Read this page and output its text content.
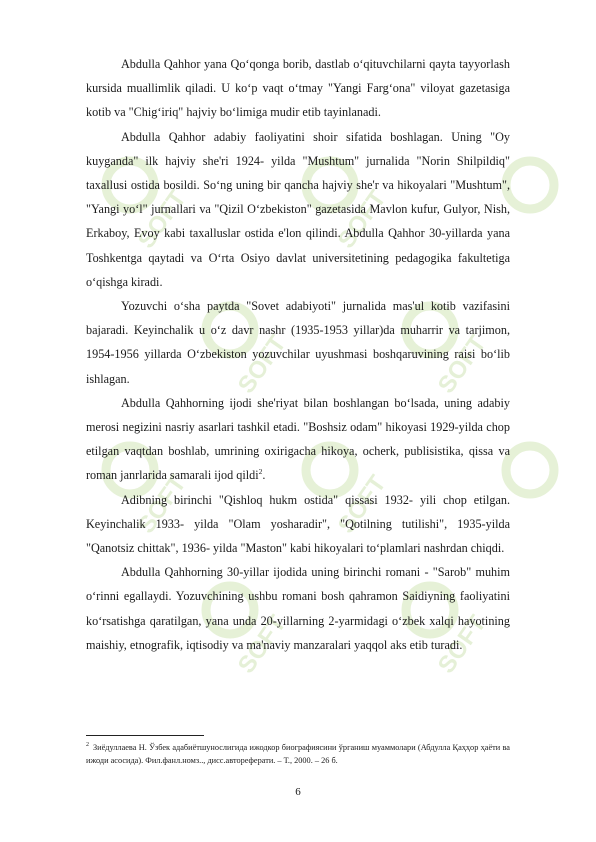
SOFT
SOFT
SOFT
SOFT
SOFT
SOFT
SOFT
SOFT

Abdulla Qahhor yana Qo‘qonga borib, dastlab o‘qituvchilarni qayta tayyorlash kursida muallimlik qiladi. U ko‘p vaqt o‘tmay "Yangi Farg‘ona" viloyat gazetasiga kotib va "Chig‘iriq" hajviy bo‘limiga mudir etib tayinlanadi.

Abdulla Qahhor adabiy faoliyatini shoir sifatida boshlagan. Uning "Oy kuyganda" ilk hajviy she'ri 1924- yilda "Mushtum" jurnalida "Norin Shilpildiq" taxallusi ostida bosildi. So‘ng uning bir qancha hajviy she'r va hikoyalari "Mushtum", "Yangi yo‘l" jurnallari va "Qizil O‘zbekiston" gazetasida Mavlon kufur, Gulyor, Nish, Erkaboy, Evoy kabi taxalluslar ostida e'lon qilindi. Abdulla Qahhor 30-yillarda yana Toshkentga qaytadi va O‘rta Osiyo davlat universitetining pedagogika fakultetiga o‘qishga kiradi.

Yozuvchi o‘sha paytda "Sovet adabiyoti" jurnalida mas'ul kotib vazifasini bajaradi. Keyinchalik u o‘z davr nashr (1935-1953 yillar)da muharrir va tarjimon, 1954-1956 yillarda O‘zbekiston yozuvchilar uyushmasi boshqaruvining raisi bo‘lib ishlagan.

Abdulla Qahhorning ijodi she'riyat bilan boshlangan bo‘lsada, uning adabiy merosi negizini nasriy asarlari tashkil etadi. "Boshsiz odam" hikoyasi 1929-yilda chop etilgan vaqtdan boshlab, umrining oxirigacha hikoya, ocherk, publisistika, qissa va roman janrlarida samarali ijod qildi$^2$.

Adibning birinchi "Qishloq hukm ostida" qissasi 1932- yili chop etilgan. Keyinchalik 1933- yilda "Olam yosharadir", "Qotilning tutilishi", 1935-yilda "Qanotsiz chittak", 1936- yilda "Maston" kabi hikoyalari to‘plamlari nashrdan chiqdi.

Abdulla Qahhorning 30-yillar ijodida uning birinchi romani - "Sarob" muhim o‘rinni egallaydi. Yozuvchining ushbu romani bosh qahramon Saidiyning faoliyatini ko‘rsatishga qaratilgan, yana unda 20-yillarning 2-yarmidagi o‘zbek xalqi hayotining maishiy, etnografik, iqtisodiy va ma'naviy manzaralari yaqqol aks etib turadi.

$^2$ Зиёдуллаева Н. Ўзбек адабиётшунослигида ижодкор биографиясини ўрганиш муаммолари (Абдулла Қаҳҳор ҳаёти ва ижоди асосида). Фил.фанл.номз.., дисс.автореферати. – Т., 2000. – 26 б.

6
